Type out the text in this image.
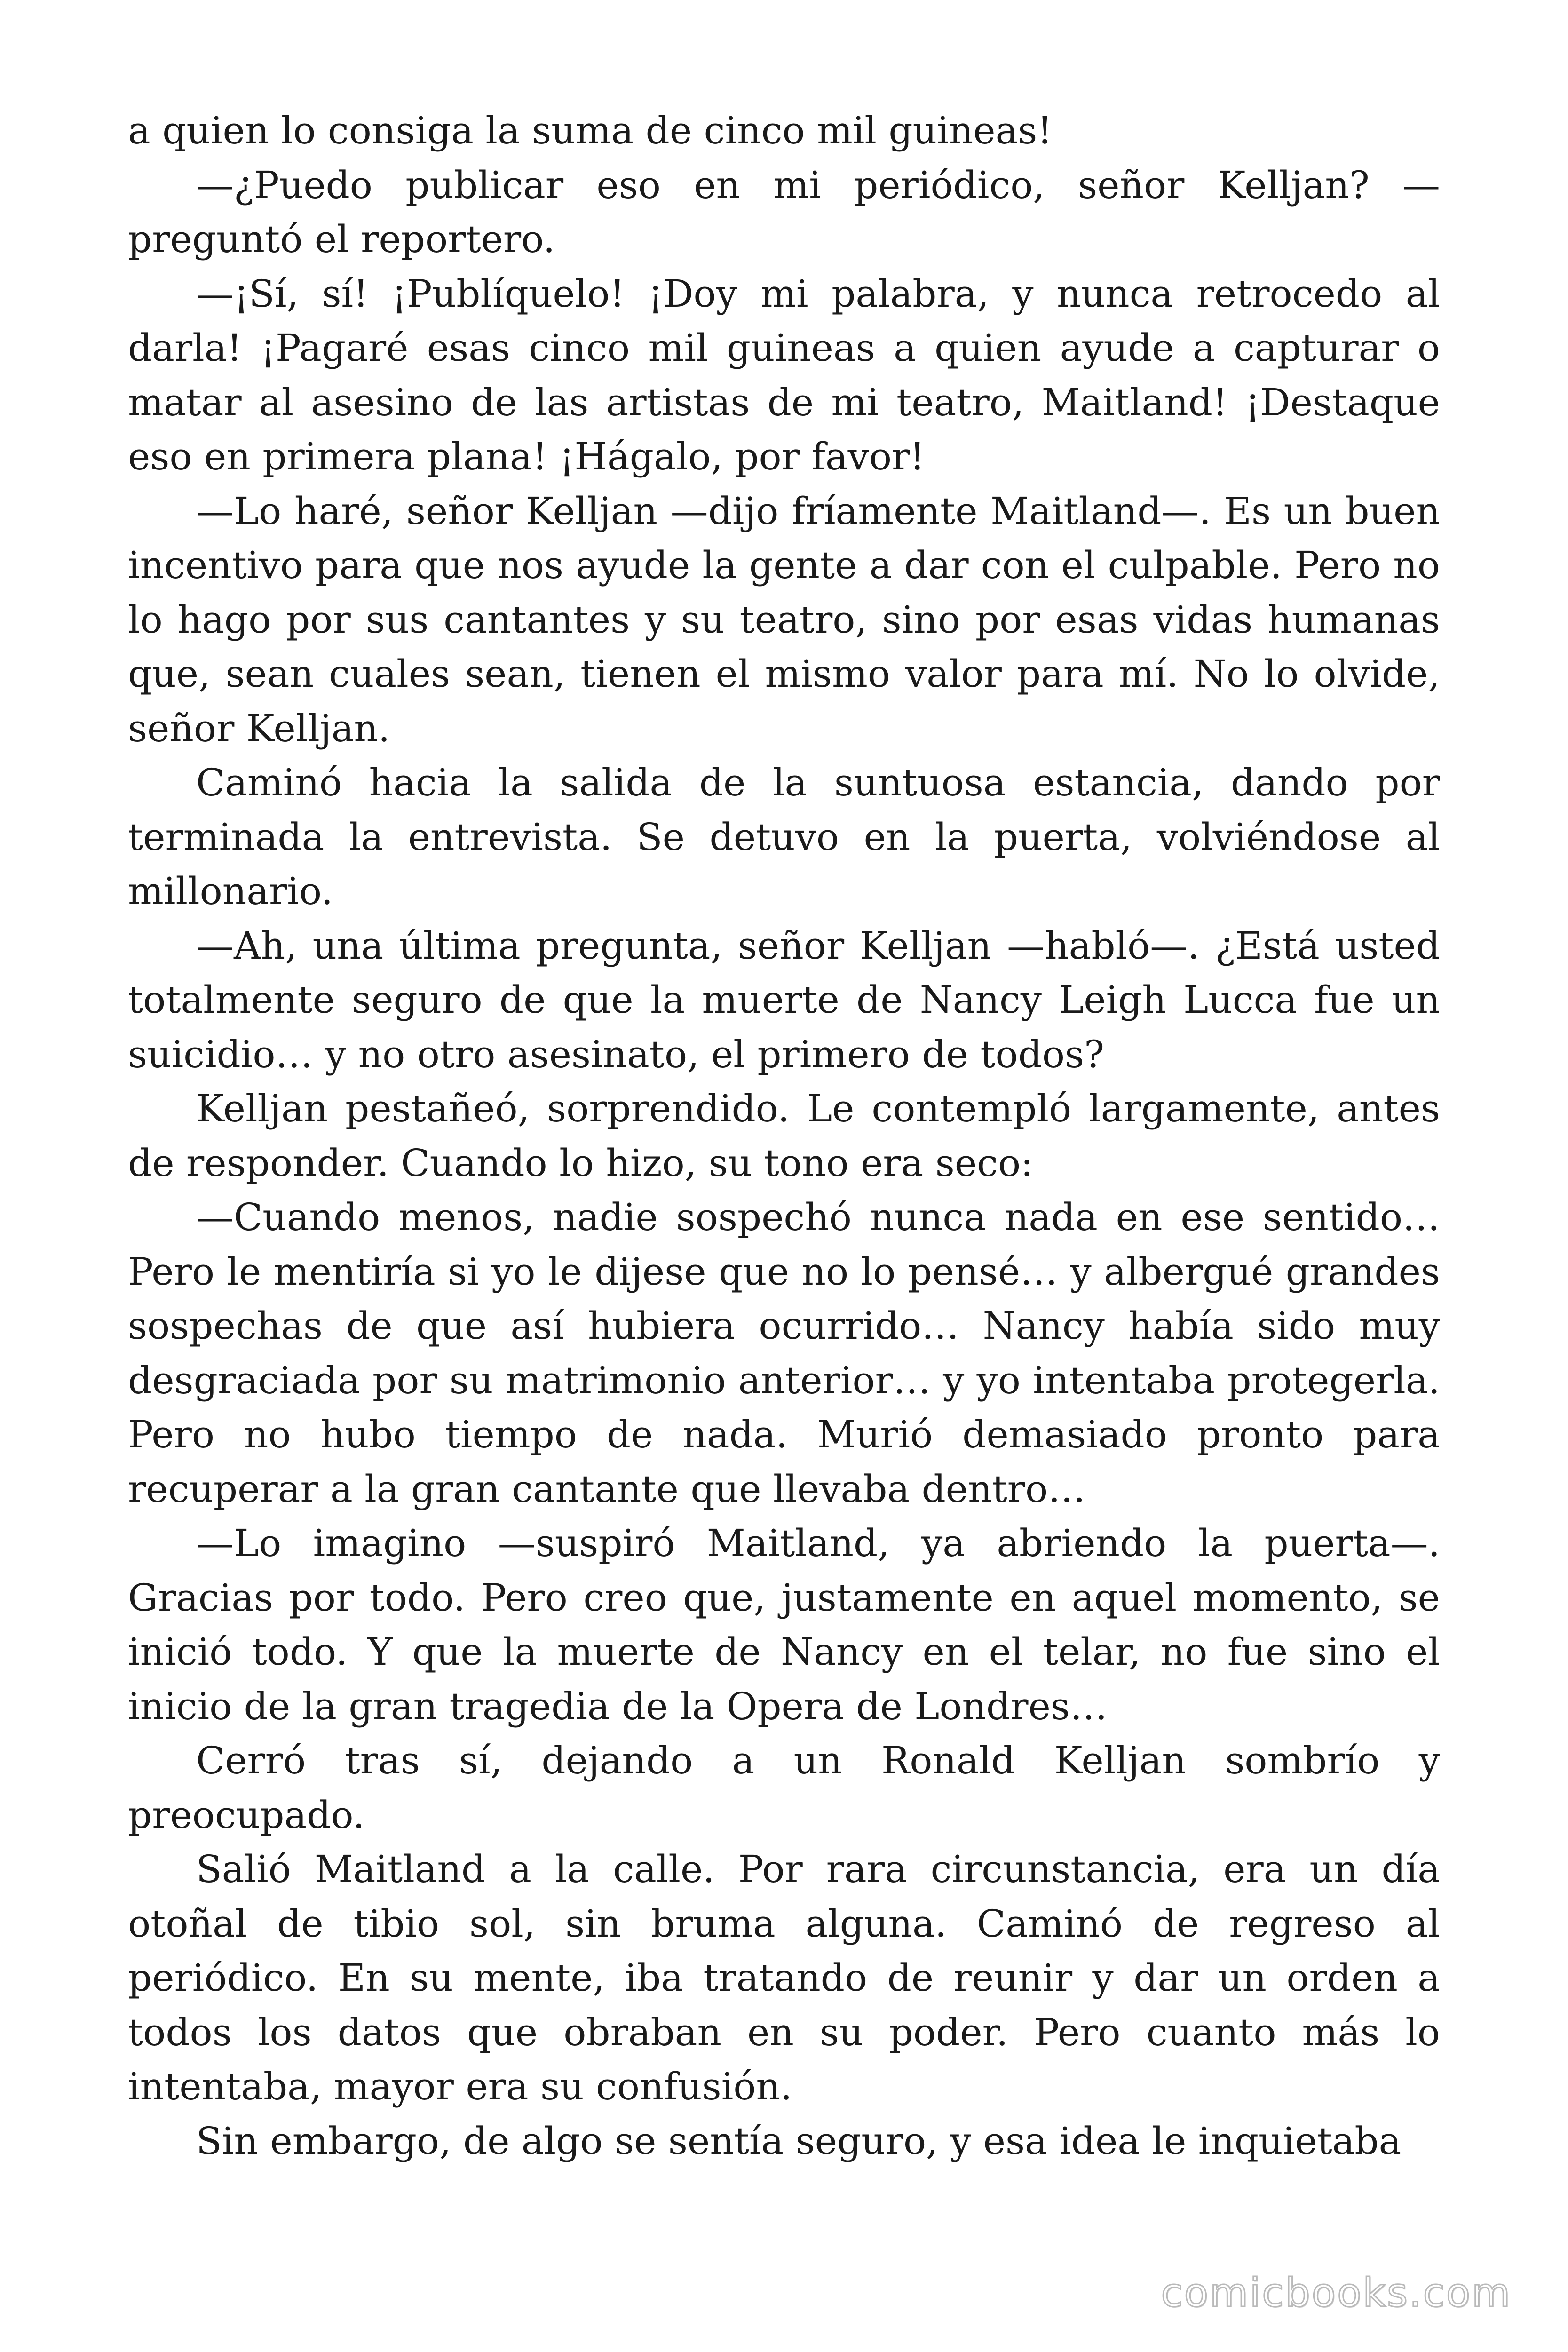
a quien lo consiga la suma de cinco mil guineas!

—¿Puedo publicar eso en mi periódico, señor Kelljan? —preguntó el reportero.

—¡Sí, sí! ¡Publíquelo! ¡Doy mi palabra, y nunca retrocedo al darla! ¡Pagaré esas cinco mil guineas a quien ayude a capturar o matar al asesino de las artistas de mi teatro, Maitland! ¡Destaque eso en primera plana! ¡Hágalo, por favor!

—Lo haré, señor Kelljan —dijo fríamente Maitland—. Es un buen incentivo para que nos ayude la gente a dar con el culpable. Pero no lo hago por sus cantantes y su teatro, sino por esas vidas humanas que, sean cuales sean, tienen el mismo valor para mí. No lo olvide, señor Kelljan.

Caminó hacia la salida de la suntuosa estancia, dando por terminada la entrevista. Se detuvo en la puerta, volviéndose al millonario.

—Ah, una última pregunta, señor Kelljan —habló—. ¿Está usted totalmente seguro de que la muerte de Nancy Leigh Lucca fue un suicidio… y no otro asesinato, el primero de todos?

Kelljan pestañeó, sorprendido. Le contempló largamente, antes de responder. Cuando lo hizo, su tono era seco:

—Cuando menos, nadie sospechó nunca nada en ese sentido… Pero le mentiría si yo le dijese que no lo pensé… y albergué grandes sospechas de que así hubiera ocurrido… Nancy había sido muy desgraciada por su matrimonio anterior… y yo intentaba protegerla. Pero no hubo tiempo de nada. Murió demasiado pronto para recuperar a la gran cantante que llevaba dentro…

—Lo imagino —suspiró Maitland, ya abriendo la puerta—. Gracias por todo. Pero creo que, justamente en aquel momento, se inició todo. Y que la muerte de Nancy en el telar, no fue sino el inicio de la gran tragedia de la Opera de Londres…

Cerró tras sí, dejando a un Ronald Kelljan sombrío y preocupado.

Salió Maitland a la calle. Por rara circunstancia, era un día otoñal de tibio sol, sin bruma alguna. Caminó de regreso al periódico. En su mente, iba tratando de reunir y dar un orden a todos los datos que obraban en su poder. Pero cuanto más lo intentaba, mayor era su confusión.

Sin embargo, de algo se sentía seguro, y esa idea le inquietaba

comicbooks.com
